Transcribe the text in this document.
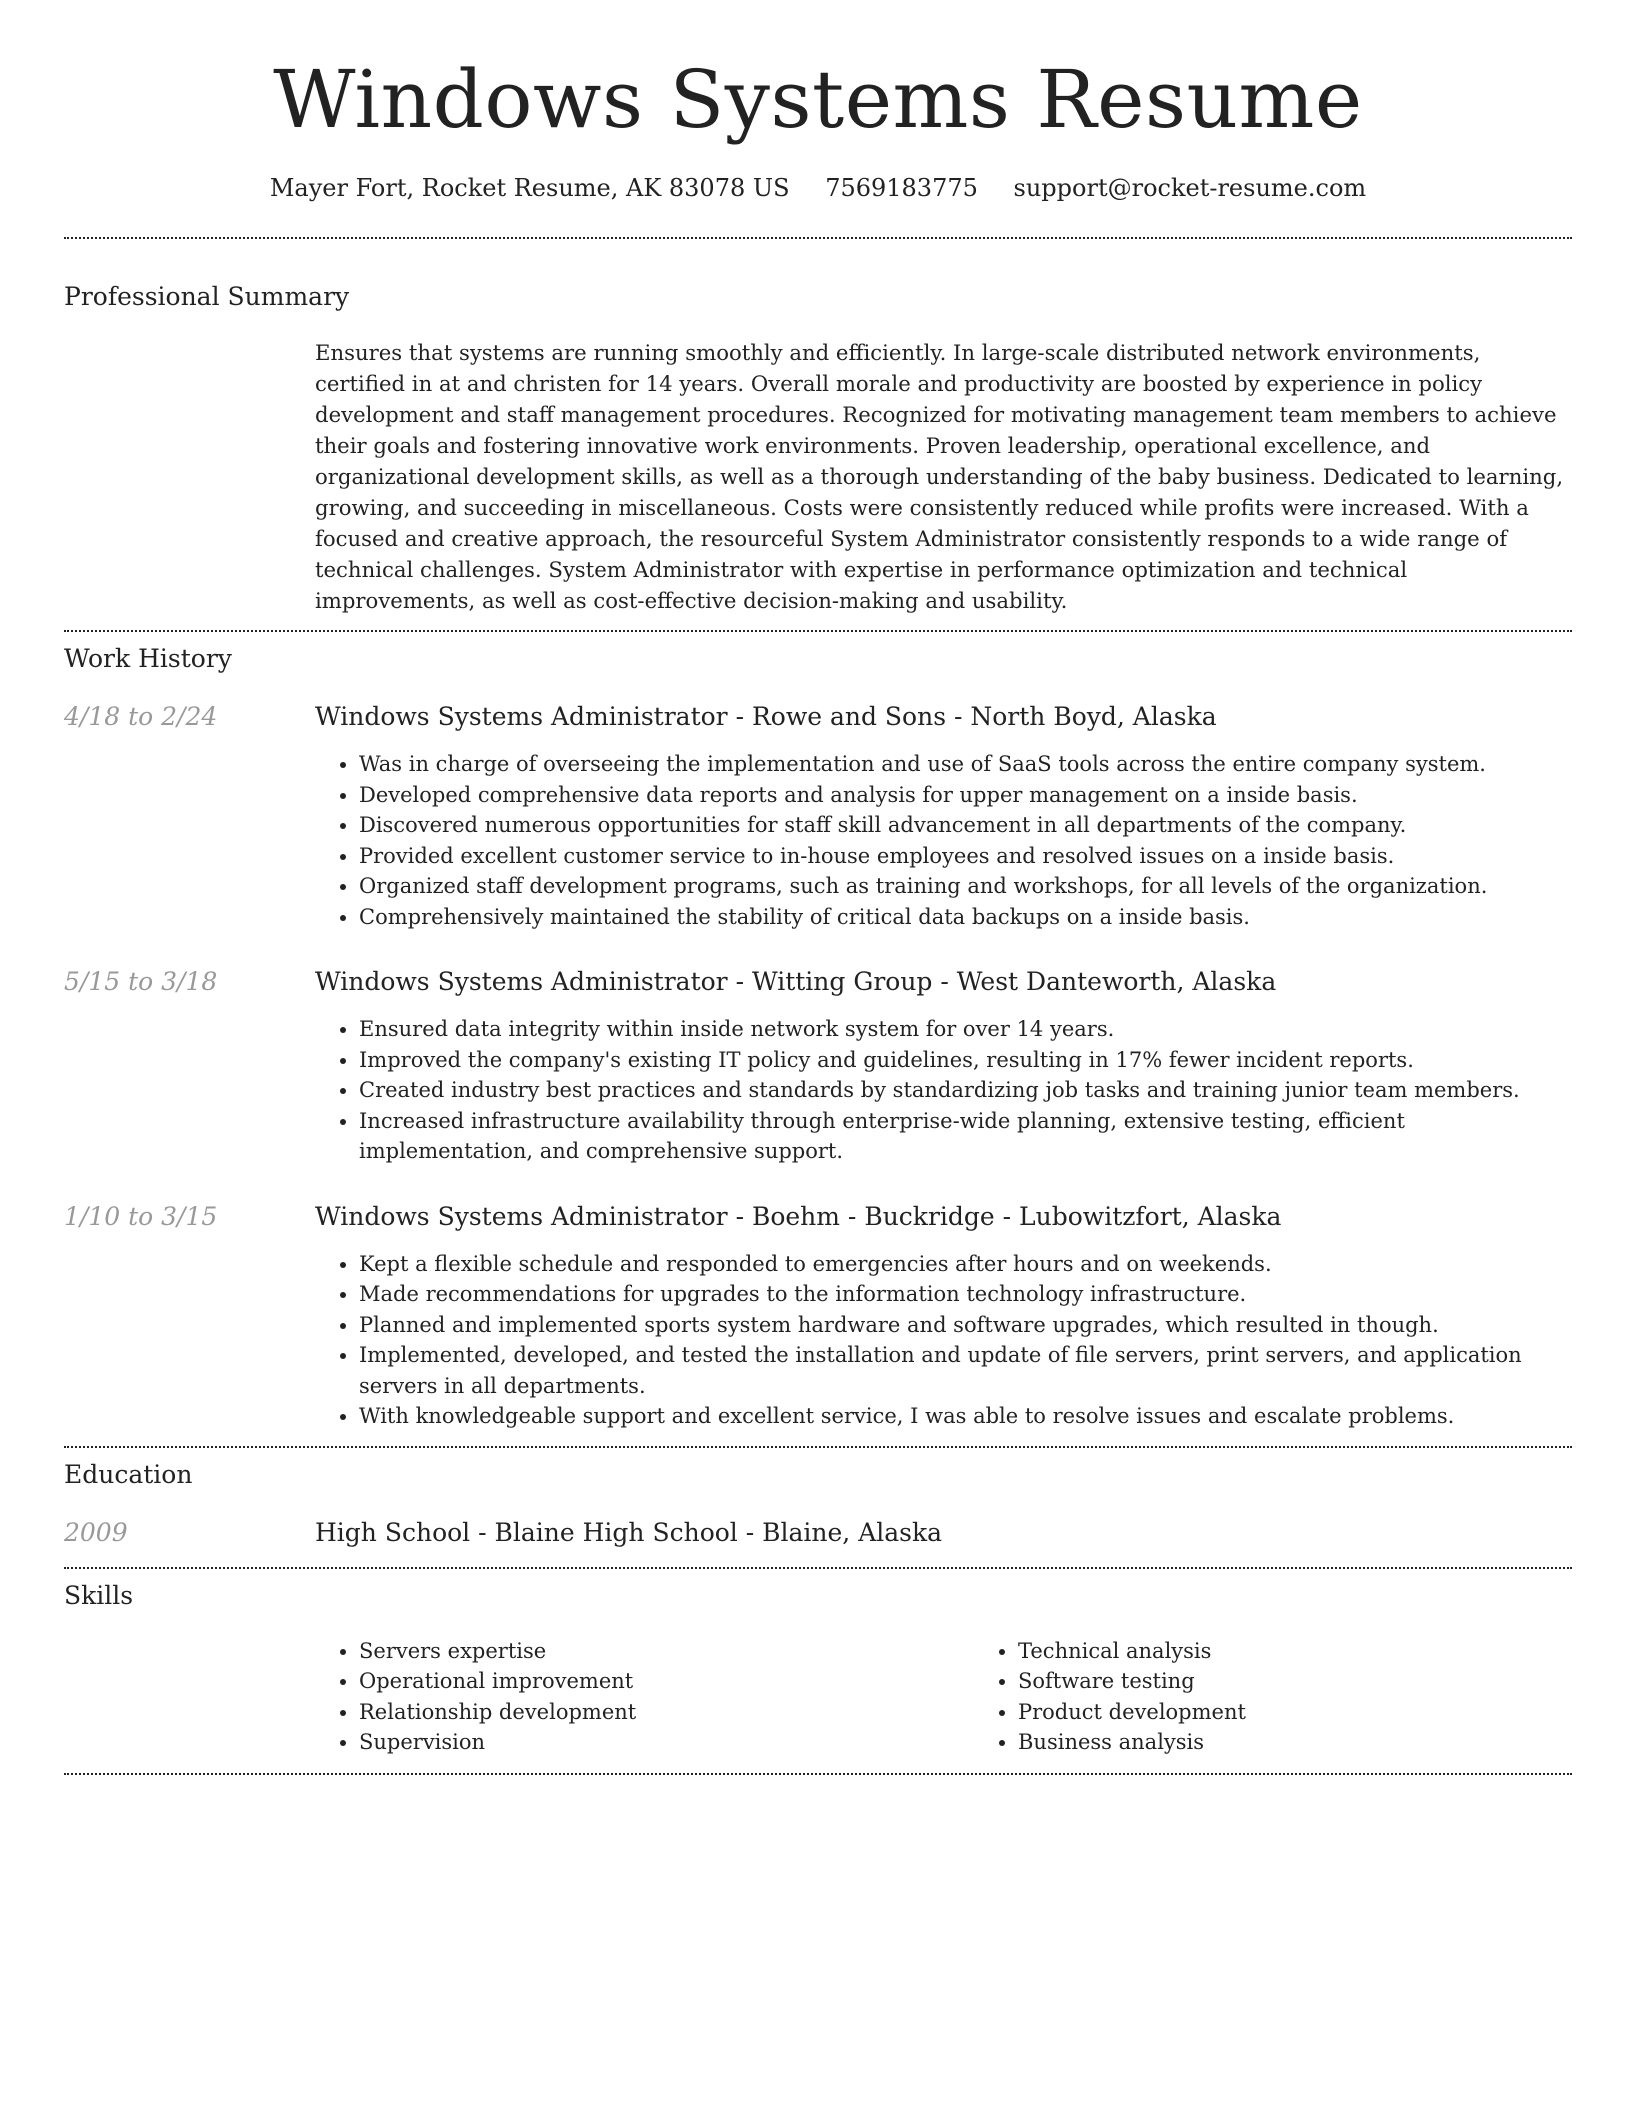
Windows Systems Resume
Mayer Fort, Rocket Resume, AK 83078 US 7569183775 support@rocket-resume.com
Professional Summary

Ensures that systems are running smoothly and efficiently. In large-scale distributed network environments, certified in at and christen for 14 years. Overall morale and productivity are boosted by experience in policy development and staff management procedures. Recognized for motivating management team members to achieve their goals and fostering innovative work environments. Proven leadership, operational excellence, and organizational development skills, as well as a thorough understanding of the baby business. Dedicated to learning, growing, and succeeding in miscellaneous. Costs were consistently reduced while profits were increased. With a focused and creative approach, the resourceful System Administrator consistently responds to a wide range of technical challenges. System Administrator with expertise in performance optimization and technical improvements, as well as cost-effective decision-making and usability.

Work History
4/18 to 2/24	Windows Systems Administrator - Rowe and Sons - North Boyd, Alaska
• Was in charge of overseeing the implementation and use of SaaS tools across the entire company system.
• Developed comprehensive data reports and analysis for upper management on a inside basis.
• Discovered numerous opportunities for staff skill advancement in all departments of the company.
• Provided excellent customer service to in-house employees and resolved issues on a inside basis.
• Organized staff development programs, such as training and workshops, for all levels of the organization.
• Comprehensively maintained the stability of critical data backups on a inside basis.
5/15 to 3/18	Windows Systems Administrator - Witting Group - West Danteworth, Alaska
• Ensured data integrity within inside network system for over 14 years.
• Improved the company's existing IT policy and guidelines, resulting in 17% fewer incident reports.
• Created industry best practices and standards by standardizing job tasks and training junior team members.
• Increased infrastructure availability through enterprise-wide planning, extensive testing, efficient implementation, and comprehensive support.
1/10 to 3/15	Windows Systems Administrator - Boehm - Buckridge - Lubowitzfort, Alaska
• Kept a flexible schedule and responded to emergencies after hours and on weekends.
• Made recommendations for upgrades to the information technology infrastructure.
• Planned and implemented sports system hardware and software upgrades, which resulted in though.
• Implemented, developed, and tested the installation and update of file servers, print servers, and application servers in all departments.
• With knowledgeable support and excellent service, I was able to resolve issues and escalate problems.
Education
2009	High School - Blaine High School - Blaine, Alaska
Skills
• Servers expertise
• Operational improvement
• Relationship development
• Supervision
• Technical analysis
• Software testing
• Product development
• Business analysis
